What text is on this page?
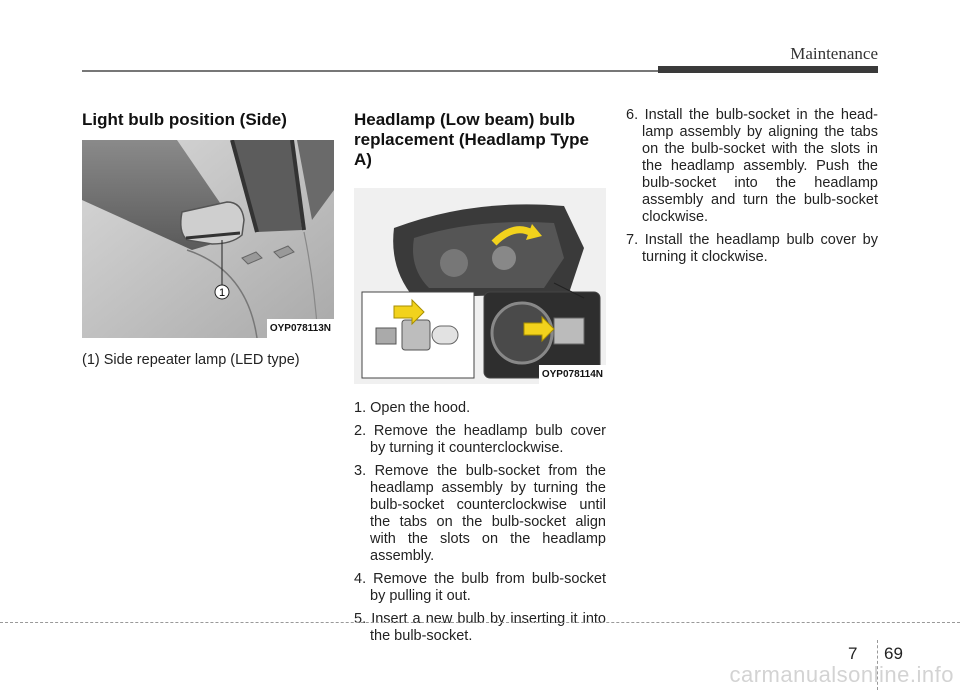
Maintenance
Light bulb position (Side)
1
OYP078113N

(1) Side repeater lamp (LED type)

Headlamp (Low beam) bulb
replacement (Headlamp Type A)
OYP078114N
1. Open the hood.
2. Remove the headlamp bulb cover by turning it counterclockwise.
3. Remove the bulb-socket from the headlamp assembly by turning the bulb-socket counterclockwise until the tabs on the bulb-socket align with the slots on the headlamp assembly.
4. Remove the bulb from bulb-socket by pulling it out.
5. Insert a new bulb by inserting it into the bulb-socket.
6. Install the bulb-socket in the head-lamp assembly by aligning the tabs on the bulb-socket with the slots in the headlamp assembly. Push the bulb-socket into the headlamp assembly and turn the bulb-socket clockwise.
7. Install the headlamp bulb cover by turning it clockwise.
7 69
carmanualsonline.info
